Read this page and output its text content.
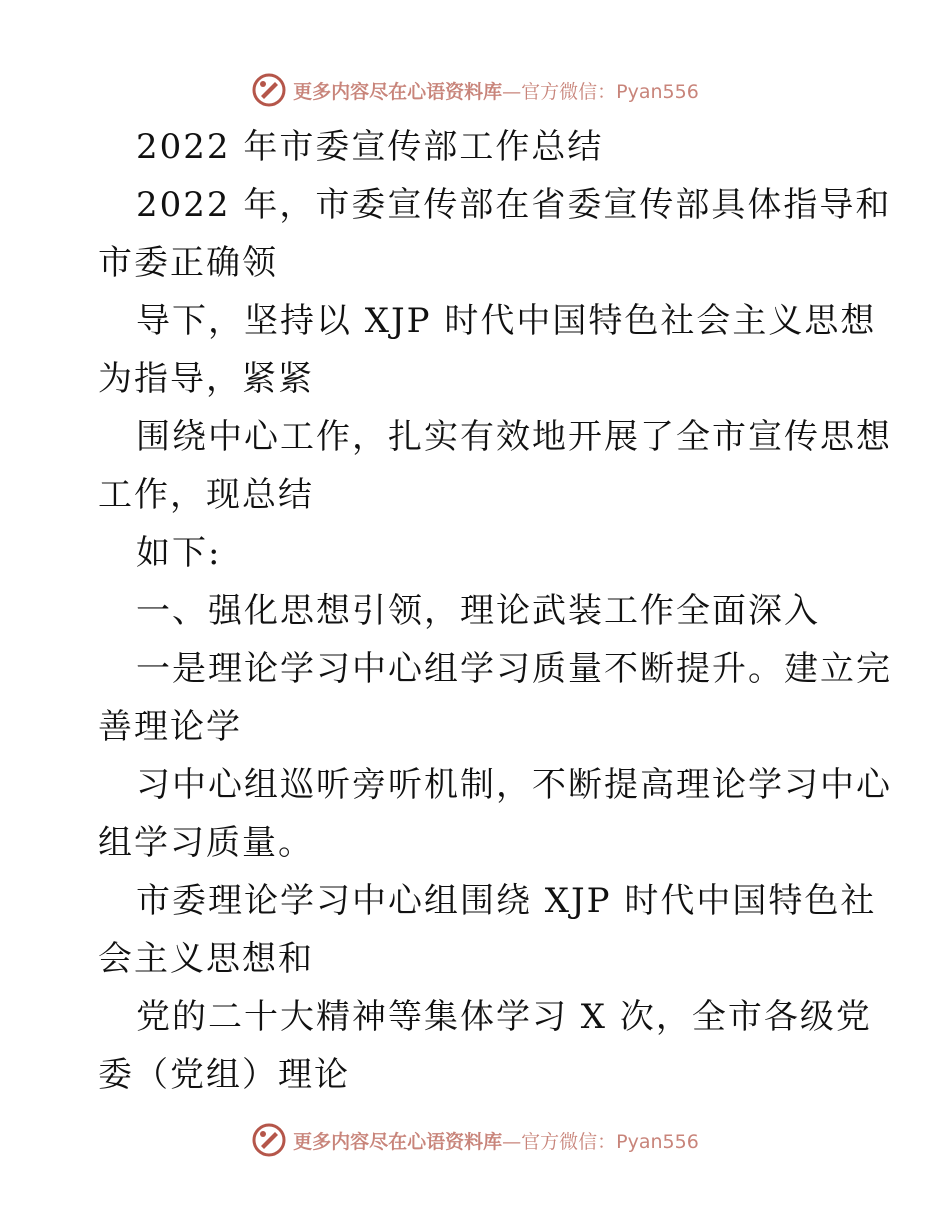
更多内容尽在心语资料库—官方微信：Pyan556
2022 年市委宣传部工作总结
2022 年，市委宣传部在省委宣传部具体指导和
市委正确领
导下，坚持以 XJP 时代中国特色社会主义思想
为指导，紧紧
围绕中心工作，扎实有效地开展了全市宣传思想
工作，现总结
如下:
一、强化思想引领，理论武装工作全面深入
一是理论学习中心组学习质量不断提升。建立完
善理论学
习中心组巡听旁听机制，不断提高理论学习中心
组学习质量。
市委理论学习中心组围绕 XJP 时代中国特色社
会主义思想和
党的二十大精神等集体学习 X 次，全市各级党
委（党组）理论
更多内容尽在心语资料库—官方微信：Pyan556
